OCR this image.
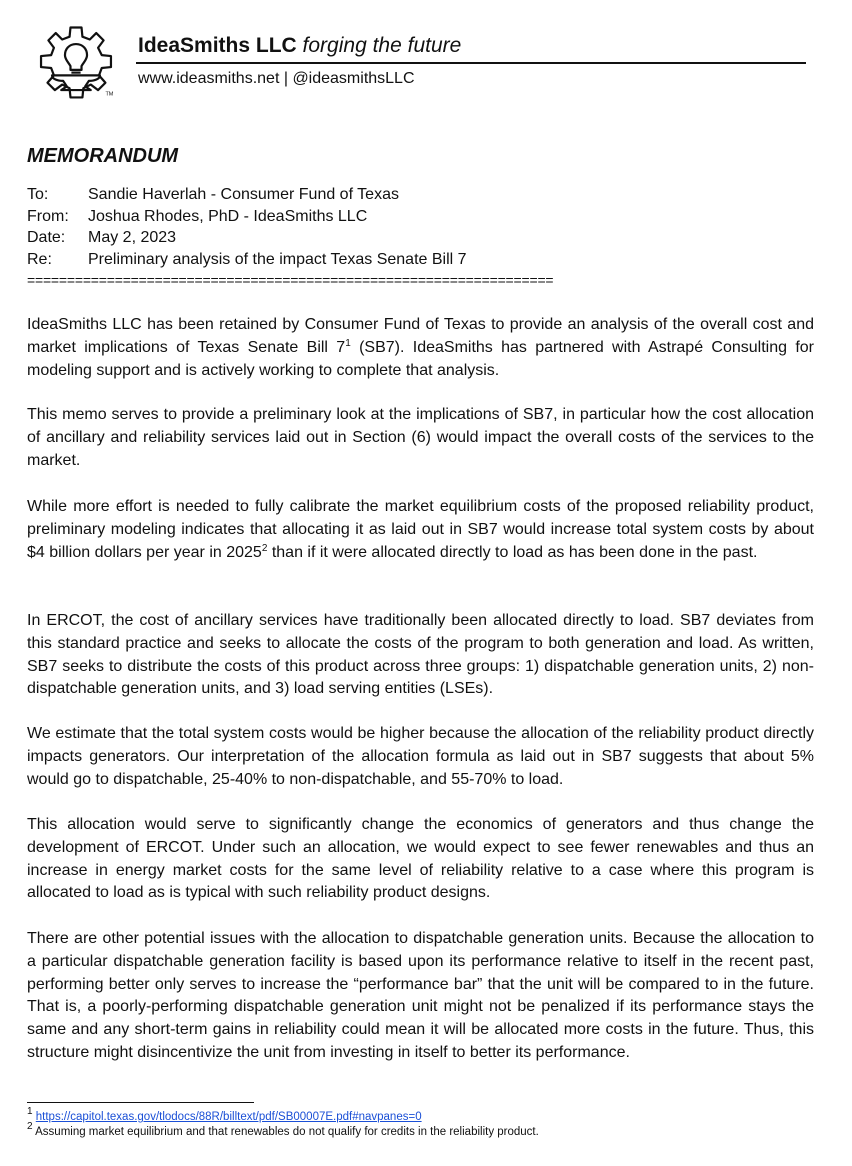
TM
IdeaSmiths LLC forging the future
www.ideasmiths.net | @ideasmithsLLC
MEMORANDUM
To:	Sandie Haverlah - Consumer Fund of Texas
From:	Joshua Rhodes, PhD - IdeaSmiths LLC
Date:	May 2, 2023
Re:	Preliminary analysis of the impact Texas Senate Bill 7
==================================================================

IdeaSmiths LLC has been retained by Consumer Fund of Texas to provide an analysis of the overall cost and market implications of Texas Senate Bill $7^1$ (SB7). IdeaSmiths has partnered with Astrapé Consulting for modeling support and is actively working to complete that analysis.

This memo serves to provide a preliminary look at the implications of SB7, in particular how the cost allocation of ancillary and reliability services laid out in Section (6) would impact the overall costs of the services to the market.

While more effort is needed to fully calibrate the market equilibrium costs of the proposed reliability product, preliminary modeling indicates that allocating it as laid out in SB7 would increase total system costs by about $4 billion dollars per year in 2025$^2$ than if it were allocated directly to load as has been done in the past.

In ERCOT, the cost of ancillary services have traditionally been allocated directly to load. SB7 deviates from this standard practice and seeks to allocate the costs of the program to both generation and load. As written, SB7 seeks to distribute the costs of this product across three groups: 1) dispatchable generation units, 2) non-dispatchable generation units, and 3) load serving entities (LSEs).

We estimate that the total system costs would be higher because the allocation of the reliability product directly impacts generators. Our interpretation of the allocation formula as laid out in SB7 suggests that about 5% would go to dispatchable, 25-40% to non-dispatchable, and 55-70% to load.

This allocation would serve to significantly change the economics of generators and thus change the development of ERCOT. Under such an allocation, we would expect to see fewer renewables and thus an increase in energy market costs for the same level of reliability relative to a case where this program is allocated to load as is typical with such reliability product designs.

There are other potential issues with the allocation to dispatchable generation units. Because the allocation to a particular dispatchable generation facility is based upon its performance relative to itself in the recent past, performing better only serves to increase the “performance bar” that the unit will be compared to in the future. That is, a poorly-performing dispatchable generation unit might not be penalized if its performance stays the same and any short-term gains in reliability could mean it will be allocated more costs in the future. Thus, this structure might disincentivize the unit from investing in itself to better its performance.

$^1$ https://capitol.texas.gov/tlodocs/88R/billtext/pdf/SB00007E.pdf#navpanes=0
$^2$ Assuming market equilibrium and that renewables do not qualify for credits in the reliability product.
